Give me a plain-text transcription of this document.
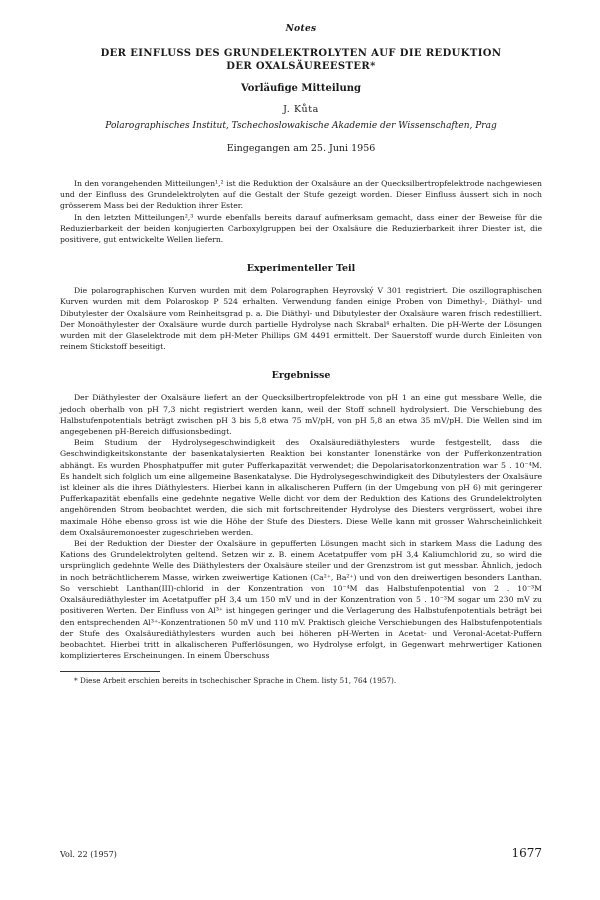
Notes
DER EINFLUSS DES GRUNDELEKTROLYTEN AUF DIE REDUKTION
DER OXALSÄUREESTER*
Vorläufige Mitteilung
J. Kůta
Polarographisches Institut, Tschechoslowakische Akademie der Wissenschaften, Prag
Eingegangen am 25. Juni 1956

In den vorangehenden Mitteilungen¹,² ist die Reduktion der Oxalsäure an der Quecksilbertropfelektrode nachgewiesen und der Einfluss des Grundelektrolyten auf die Gestalt der Stufe gezeigt worden. Dieser Einfluss äussert sich in noch grösserem Mass bei der Reduktion ihrer Ester.

In den letzten Mitteilungen²,³ wurde ebenfalls bereits darauf aufmerksam gemacht, dass einer der Beweise für die Reduzierbarkeit der beiden konjugierten Carboxylgruppen bei der Oxalsäure die Reduzierbarkeit ihrer Diester ist, die positivere, gut entwickelte Wellen liefern.

Experimenteller Teil

Die polarographischen Kurven wurden mit dem Polarographen Heyrovský V 301 registriert. Die oszillographischen Kurven wurden mit dem Polaroskop P 524 erhalten. Verwendung fanden einige Proben von Dimethyl-, Diäthyl- und Dibutylester der Oxalsäure vom Reinheitsgrad p. a. Die Diäthyl- und Dibutylester der Oxalsäure waren frisch redestilliert. Der Monoäthylester der Oxalsäure wurde durch partielle Hydrolyse nach Skrabal⁴ erhalten. Die pH-Werte der Lösungen wurden mit der Glaselektrode mit dem pH-Meter Phillips GM 4491 ermittelt. Der Sauerstoff wurde durch Einleiten von reinem Stickstoff beseitigt.

Ergebnisse

Der Diäthylester der Oxalsäure liefert an der Quecksilbertropfelektrode von pH 1 an eine gut messbare Welle, die jedoch oberhalb von pH 7,3 nicht registriert werden kann, weil der Stoff schnell hydrolysiert. Die Verschiebung des Halbstufenpotentials beträgt zwischen pH 3 bis 5,8 etwa 75 mV/pH, von pH 5,8 an etwa 35 mV/pH. Die Wellen sind im angegebenen pH-Bereich diffusionsbedingt.

Beim Studium der Hydrolysegeschwindigkeit des Oxalsäurediäthylesters wurde festgestellt, dass die Geschwindigkeitskonstante der basenkatalysierten Reaktion bei konstanter Ionenstärke von der Pufferkonzentration abhängt. Es wurden Phosphatpuffer mit guter Pufferkapazität verwendet; die Depolarisatorkonzentration war 5 . 10⁻⁴M. Es handelt sich folglich um eine allgemeine Basenkatalyse. Die Hydrolysegeschwindigkeit des Dibutylesters der Oxalsäure ist kleiner als die ihres Diäthylesters. Hierbei kann in alkalischeren Puffern (in der Umgebung von pH 6) mit geringerer Pufferkapazität ebenfalls eine gedehnte negative Welle dicht vor dem der Reduktion des Kations des Grundelektrolyten angehörenden Strom beobachtet werden, die sich mit fortschreitender Hydrolyse des Diesters vergrössert, wobei ihre maximale Höhe ebenso gross ist wie die Höhe der Stufe des Diesters. Diese Welle kann mit grosser Wahrscheinlichkeit dem Oxalsäuremonoester zugeschrieben werden.

Bei der Reduktion der Diester der Oxalsäure in gepufferten Lösungen macht sich in starkem Mass die Ladung des Kations des Grundelektrolyten geltend. Setzen wir z. B. einem Acetatpuffer vom pH 3,4 Kaliumchlorid zu, so wird die ursprünglich gedehnte Welle des Diäthylesters der Oxalsäure steiler und der Grenzstrom ist gut messbar. Ähnlich, jedoch in noch beträchtlicherem Masse, wirken zweiwertige Kationen (Ca²⁺, Ba²⁺) und von den dreiwertigen besonders Lanthan. So verschiebt Lanthan(III)-chlorid in der Konzentration von 10⁻⁴M das Halbstufenpotential von 2 . 10⁻³M Oxalsäurediäthylester im Acetatpuffer pH 3,4 um 150 mV und in der Konzentration von 5 . 10⁻³M sogar um 230 mV zu positiveren Werten. Der Einfluss von Al³⁺ ist hingegen geringer und die Verlagerung des Halbstufenpotentials beträgt bei den entsprechenden Al³⁺-Konzentrationen 50 mV und 110 mV. Praktisch gleiche Verschiebungen des Halbstufenpotentials der Stufe des Oxalsäurediäthylesters wurden auch bei höheren pH-Werten in Acetat- und Veronal-Acetat-Puffern beobachtet. Hierbei tritt in alkalischeren Pufferlösungen, wo Hydrolyse erfolgt, in Gegenwart mehrwertiger Kationen komplizierteres Erscheinungen. In einem Überschuss

* Diese Arbeit erschien bereits in tschechischer Sprache in Chem. listy 51, 764 (1957).

Vol. 22 (1957)	1677
